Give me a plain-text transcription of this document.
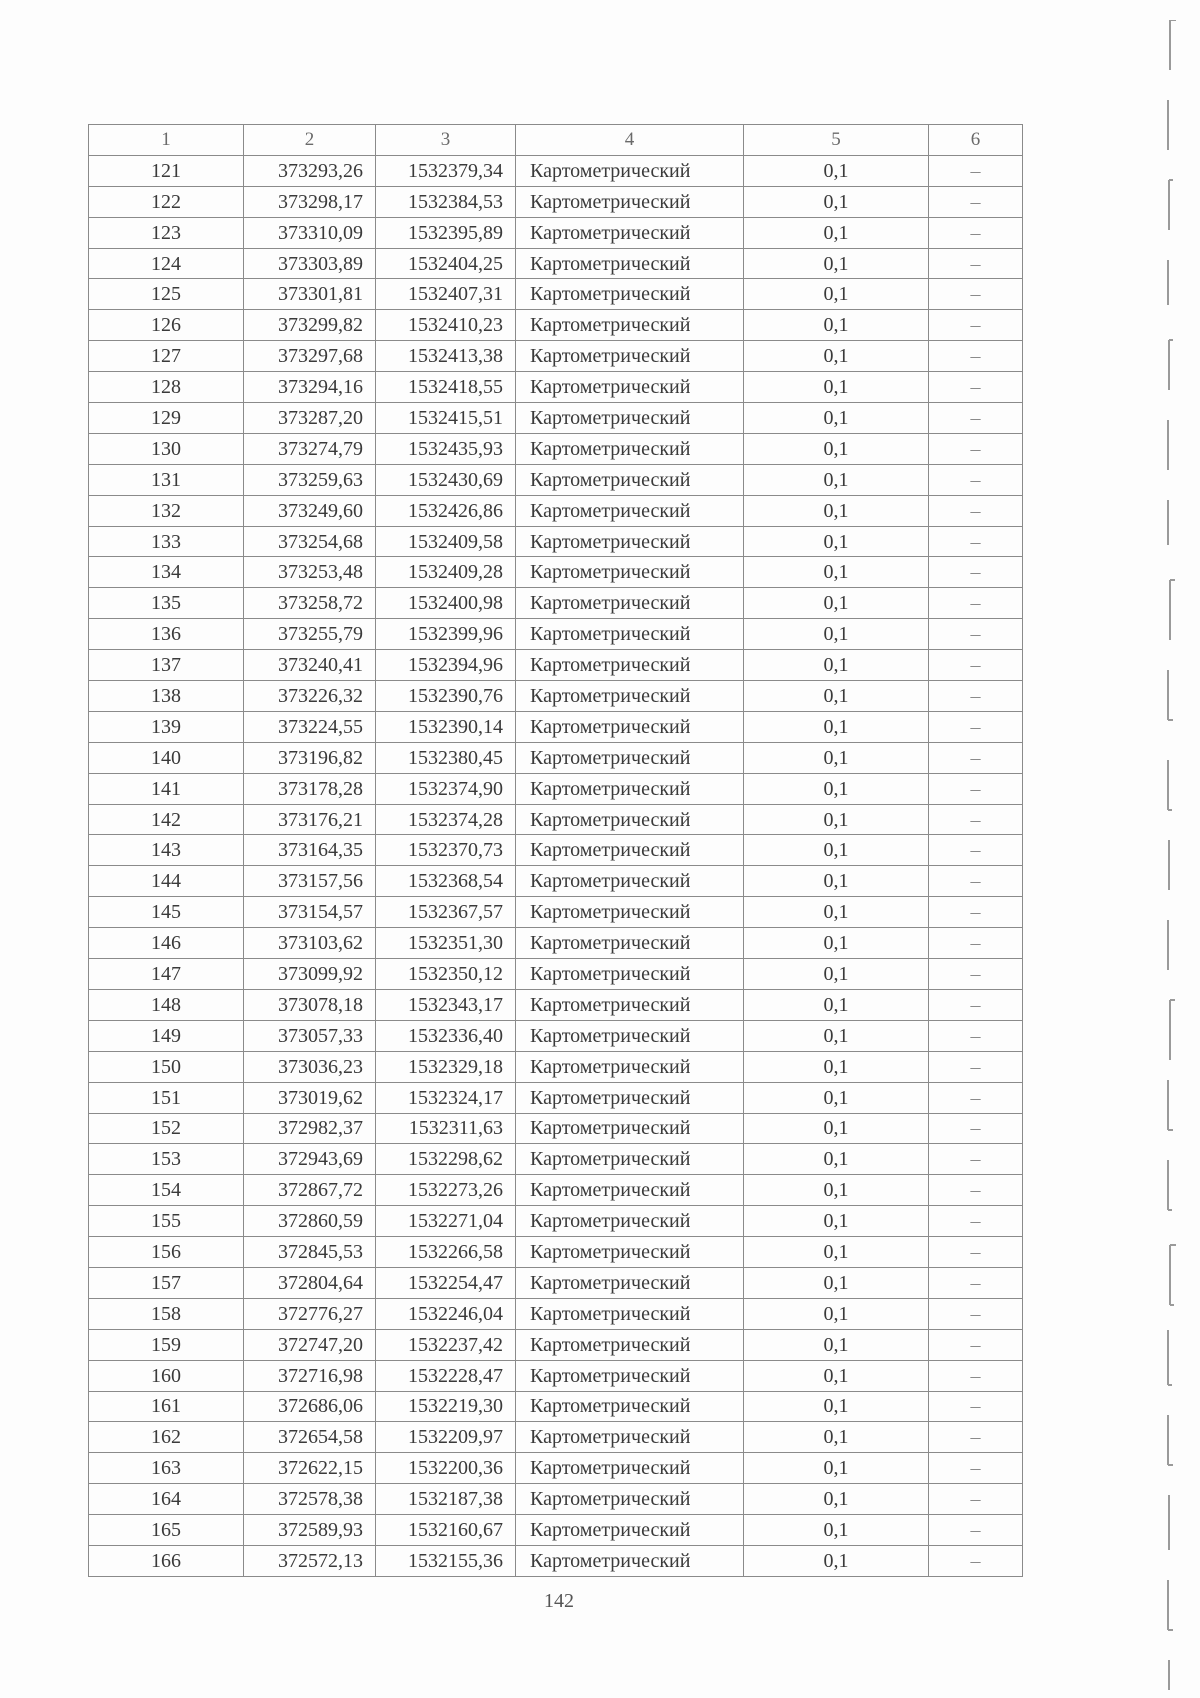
1	2	3	4	5	6
121	373293,26	1532379,34	Картометрический	0,1	–
122	373298,17	1532384,53	Картометрический	0,1	–
123	373310,09	1532395,89	Картометрический	0,1	–
124	373303,89	1532404,25	Картометрический	0,1	–
125	373301,81	1532407,31	Картометрический	0,1	–
126	373299,82	1532410,23	Картометрический	0,1	–
127	373297,68	1532413,38	Картометрический	0,1	–
128	373294,16	1532418,55	Картометрический	0,1	–
129	373287,20	1532415,51	Картометрический	0,1	–
130	373274,79	1532435,93	Картометрический	0,1	–
131	373259,63	1532430,69	Картометрический	0,1	–
132	373249,60	1532426,86	Картометрический	0,1	–
133	373254,68	1532409,58	Картометрический	0,1	–
134	373253,48	1532409,28	Картометрический	0,1	–
135	373258,72	1532400,98	Картометрический	0,1	–
136	373255,79	1532399,96	Картометрический	0,1	–
137	373240,41	1532394,96	Картометрический	0,1	–
138	373226,32	1532390,76	Картометрический	0,1	–
139	373224,55	1532390,14	Картометрический	0,1	–
140	373196,82	1532380,45	Картометрический	0,1	–
141	373178,28	1532374,90	Картометрический	0,1	–
142	373176,21	1532374,28	Картометрический	0,1	–
143	373164,35	1532370,73	Картометрический	0,1	–
144	373157,56	1532368,54	Картометрический	0,1	–
145	373154,57	1532367,57	Картометрический	0,1	–
146	373103,62	1532351,30	Картометрический	0,1	–
147	373099,92	1532350,12	Картометрический	0,1	–
148	373078,18	1532343,17	Картометрический	0,1	–
149	373057,33	1532336,40	Картометрический	0,1	–
150	373036,23	1532329,18	Картометрический	0,1	–
151	373019,62	1532324,17	Картометрический	0,1	–
152	372982,37	1532311,63	Картометрический	0,1	–
153	372943,69	1532298,62	Картометрический	0,1	–
154	372867,72	1532273,26	Картометрический	0,1	–
155	372860,59	1532271,04	Картометрический	0,1	–
156	372845,53	1532266,58	Картометрический	0,1	–
157	372804,64	1532254,47	Картометрический	0,1	–
158	372776,27	1532246,04	Картометрический	0,1	–
159	372747,20	1532237,42	Картометрический	0,1	–
160	372716,98	1532228,47	Картометрический	0,1	–
161	372686,06	1532219,30	Картометрический	0,1	–
162	372654,58	1532209,97	Картометрический	0,1	–
163	372622,15	1532200,36	Картометрический	0,1	–
164	372578,38	1532187,38	Картометрический	0,1	–
165	372589,93	1532160,67	Картометрический	0,1	–
166	372572,13	1532155,36	Картометрический	0,1	–
142
